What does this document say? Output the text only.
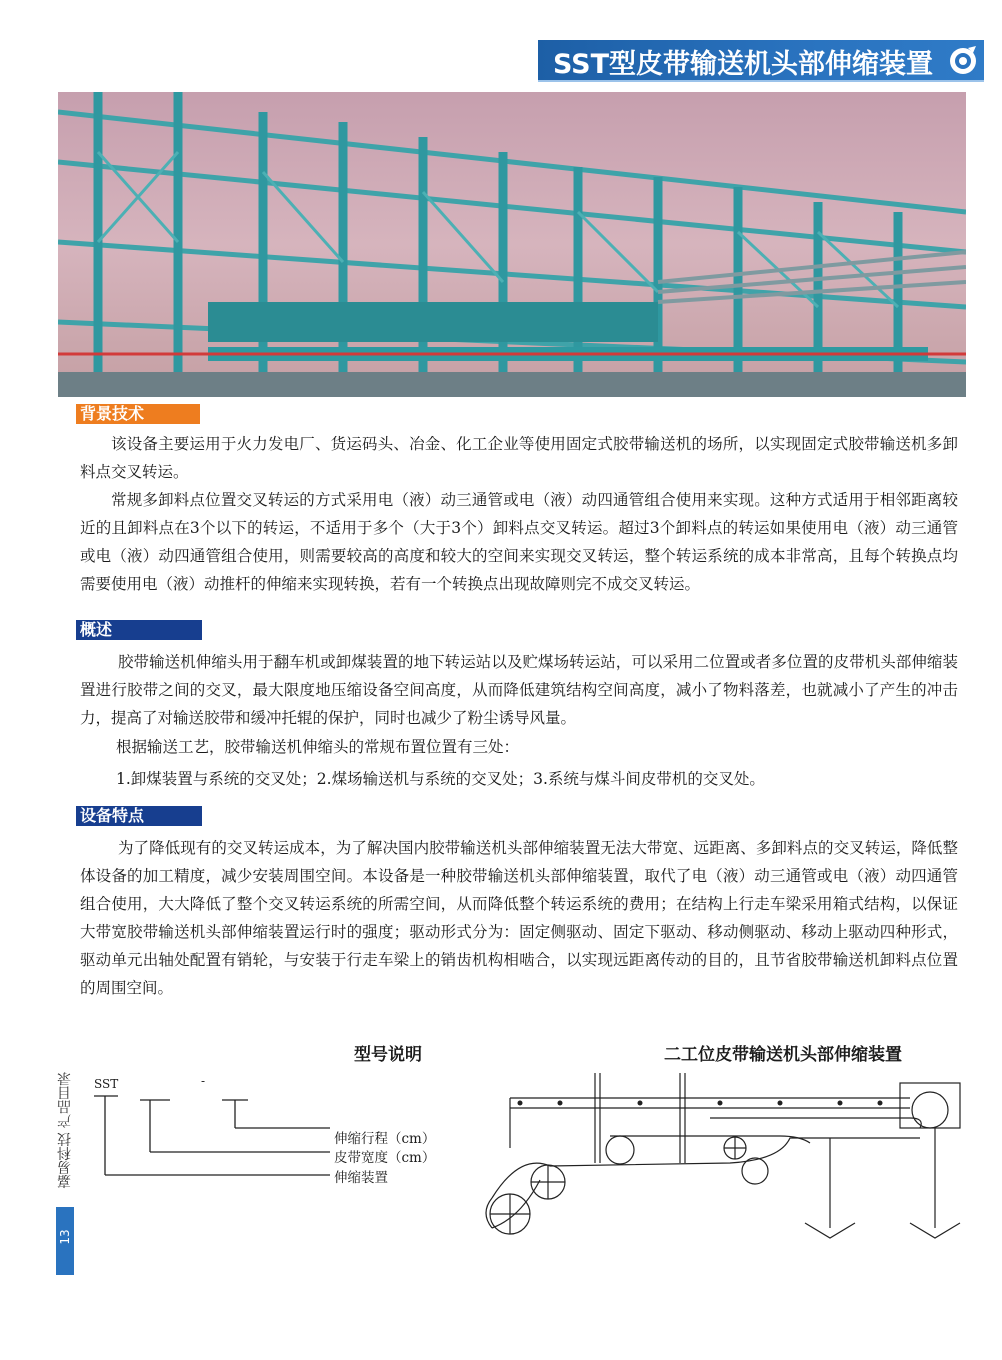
SST型皮带输送机头部伸缩装置
背景技术

该设备主要运用于火力发电厂、货运码头、冶金、化工企业等使用固定式胶带输送机的场所，以实现固定式胶带输送机多卸料点交叉转运。

常规多卸料点位置交叉转运的方式采用电（液）动三通管或电（液）动四通管组合使用来实现。这种方式适用于相邻距离较近的且卸料点在3个以下的转运，不适用于多个（大于3个）卸料点交叉转运。超过3个卸料点的转运如果使用电（液）动三通管或电（液）动四通管组合使用，则需要较高的高度和较大的空间来实现交叉转运，整个转运系统的成本非常高，且每个转换点均需要使用电（液）动推杆的伸缩来实现转换，若有一个转换点出现故障则完不成交叉转运。

概述

胶带输送机伸缩头用于翻车机或卸煤装置的地下转运站以及贮煤场转运站，可以采用二位置或者多位置的皮带机头部伸缩装置进行胶带之间的交叉，最大限度地压缩设备空间高度，从而降低建筑结构空间高度，减小了物料落差，也就减小了产生的冲击力，提高了对输送胶带和缓冲托辊的保护，同时也减少了粉尘诱导风量。

根据输送工艺，胶带输送机伸缩头的常规布置位置有三处：

1.卸煤装置与系统的交叉处；2.煤场输送机与系统的交叉处；3.系统与煤斗间皮带机的交叉处。
设备特点

为了降低现有的交叉转运成本，为了解决国内胶带输送机头部伸缩装置无法大带宽、远距离、多卸料点的交叉转运，降低整体设备的加工精度，减少安装周围空间。本设备是一种胶带输送机头部伸缩装置，取代了电（液）动三通管或电（液）动四通管组合使用，大大降低了整个交叉转运系统的所需空间，从而降低整个转运系统的费用；在结构上行走车梁采用箱式结构，以保证大带宽胶带输送机头部伸缩装置运行时的强度；驱动形式分为：固定侧驱动、固定下驱动、移动侧驱动、移动上驱动四种形式，驱动单元出轴处配置有销轮，与安装于行走车梁上的销齿机构相啮合，以实现远距离传动的目的，且节省胶带输送机卸料点位置的周围空间。

型号说明
SST	-
伸缩行程（cm）
皮带宽度（cm）
伸缩装置
二工位皮带输送机头部伸缩装置
嘉易科技 产品目录
13
